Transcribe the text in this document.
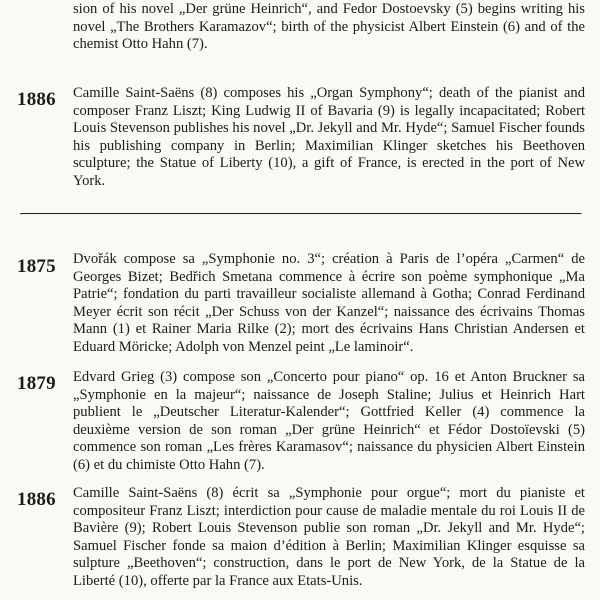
sion of his novel „Der grüne Heinrich“, and Fedor Dostoevsky (5) begins writing his novel „The Brothers Karamazov“; birth of the physicist Albert Einstein (6) and of the chemist Otto Hahn (7).
1886 Camille Saint-Saëns (8) composes his „Organ Symphony“; death of the pianist and composer Franz Liszt; King Ludwig II of Bavaria (9) is legally incapacitated; Robert Louis Stevenson publishes his novel „Dr. Jekyll and Mr. Hyde“; Samuel Fischer founds his publishing company in Berlin; Maximilian Klinger sketches his Beethoven sculpture; the Statue of Liberty (10), a gift of France, is erected in the port of New York.
1875 Dvořák compose sa „Symphonie no. 3“; création à Paris de l’opéra „Carmen“ de Georges Bizet; Bedřich Smetana commence à écrire son poème symphonique „Ma Patrie“; fondation du parti travailleur socialiste allemand à Gotha; Conrad Ferdinand Meyer écrit son récit „Der Schuss von der Kanzel“; naissance des écrivains Thomas Mann (1) et Rainer Maria Rilke (2); mort des écrivains Hans Christian Andersen et Eduard Möricke; Adolph von Menzel peint „Le laminoir“.
1879 Edvard Grieg (3) compose son „Concerto pour piano“ op. 16 et Anton Bruckner sa „Symphonie en la majeur“; naissance de Joseph Staline; Julius et Heinrich Hart publient le „Deutscher Literatur-Kalender“; Gottfried Keller (4) commence la deuxième version de son roman „Der grüne Heinrich“ et Fédor Dostoïevski (5) commence son roman „Les frères Karamasov“; naissance du physicien Albert Einstein (6) et du chimiste Otto Hahn (7).
1886 Camille Saint-Saëns (8) écrit sa „Symphonie pour orgue“; mort du pianiste et compositeur Franz Liszt; interdiction pour cause de maladie mentale du roi Louis II de Bavière (9); Robert Louis Stevenson publie son roman „Dr. Jekyll and Mr. Hyde“; Samuel Fischer fonde sa maion d’édition à Berlin; Maximilian Klinger esquisse sa sulpture „Beethoven“; construction, dans le port de New York, de la Statue de la Liberté (10), offerte par la France aux Etats-Unis.
